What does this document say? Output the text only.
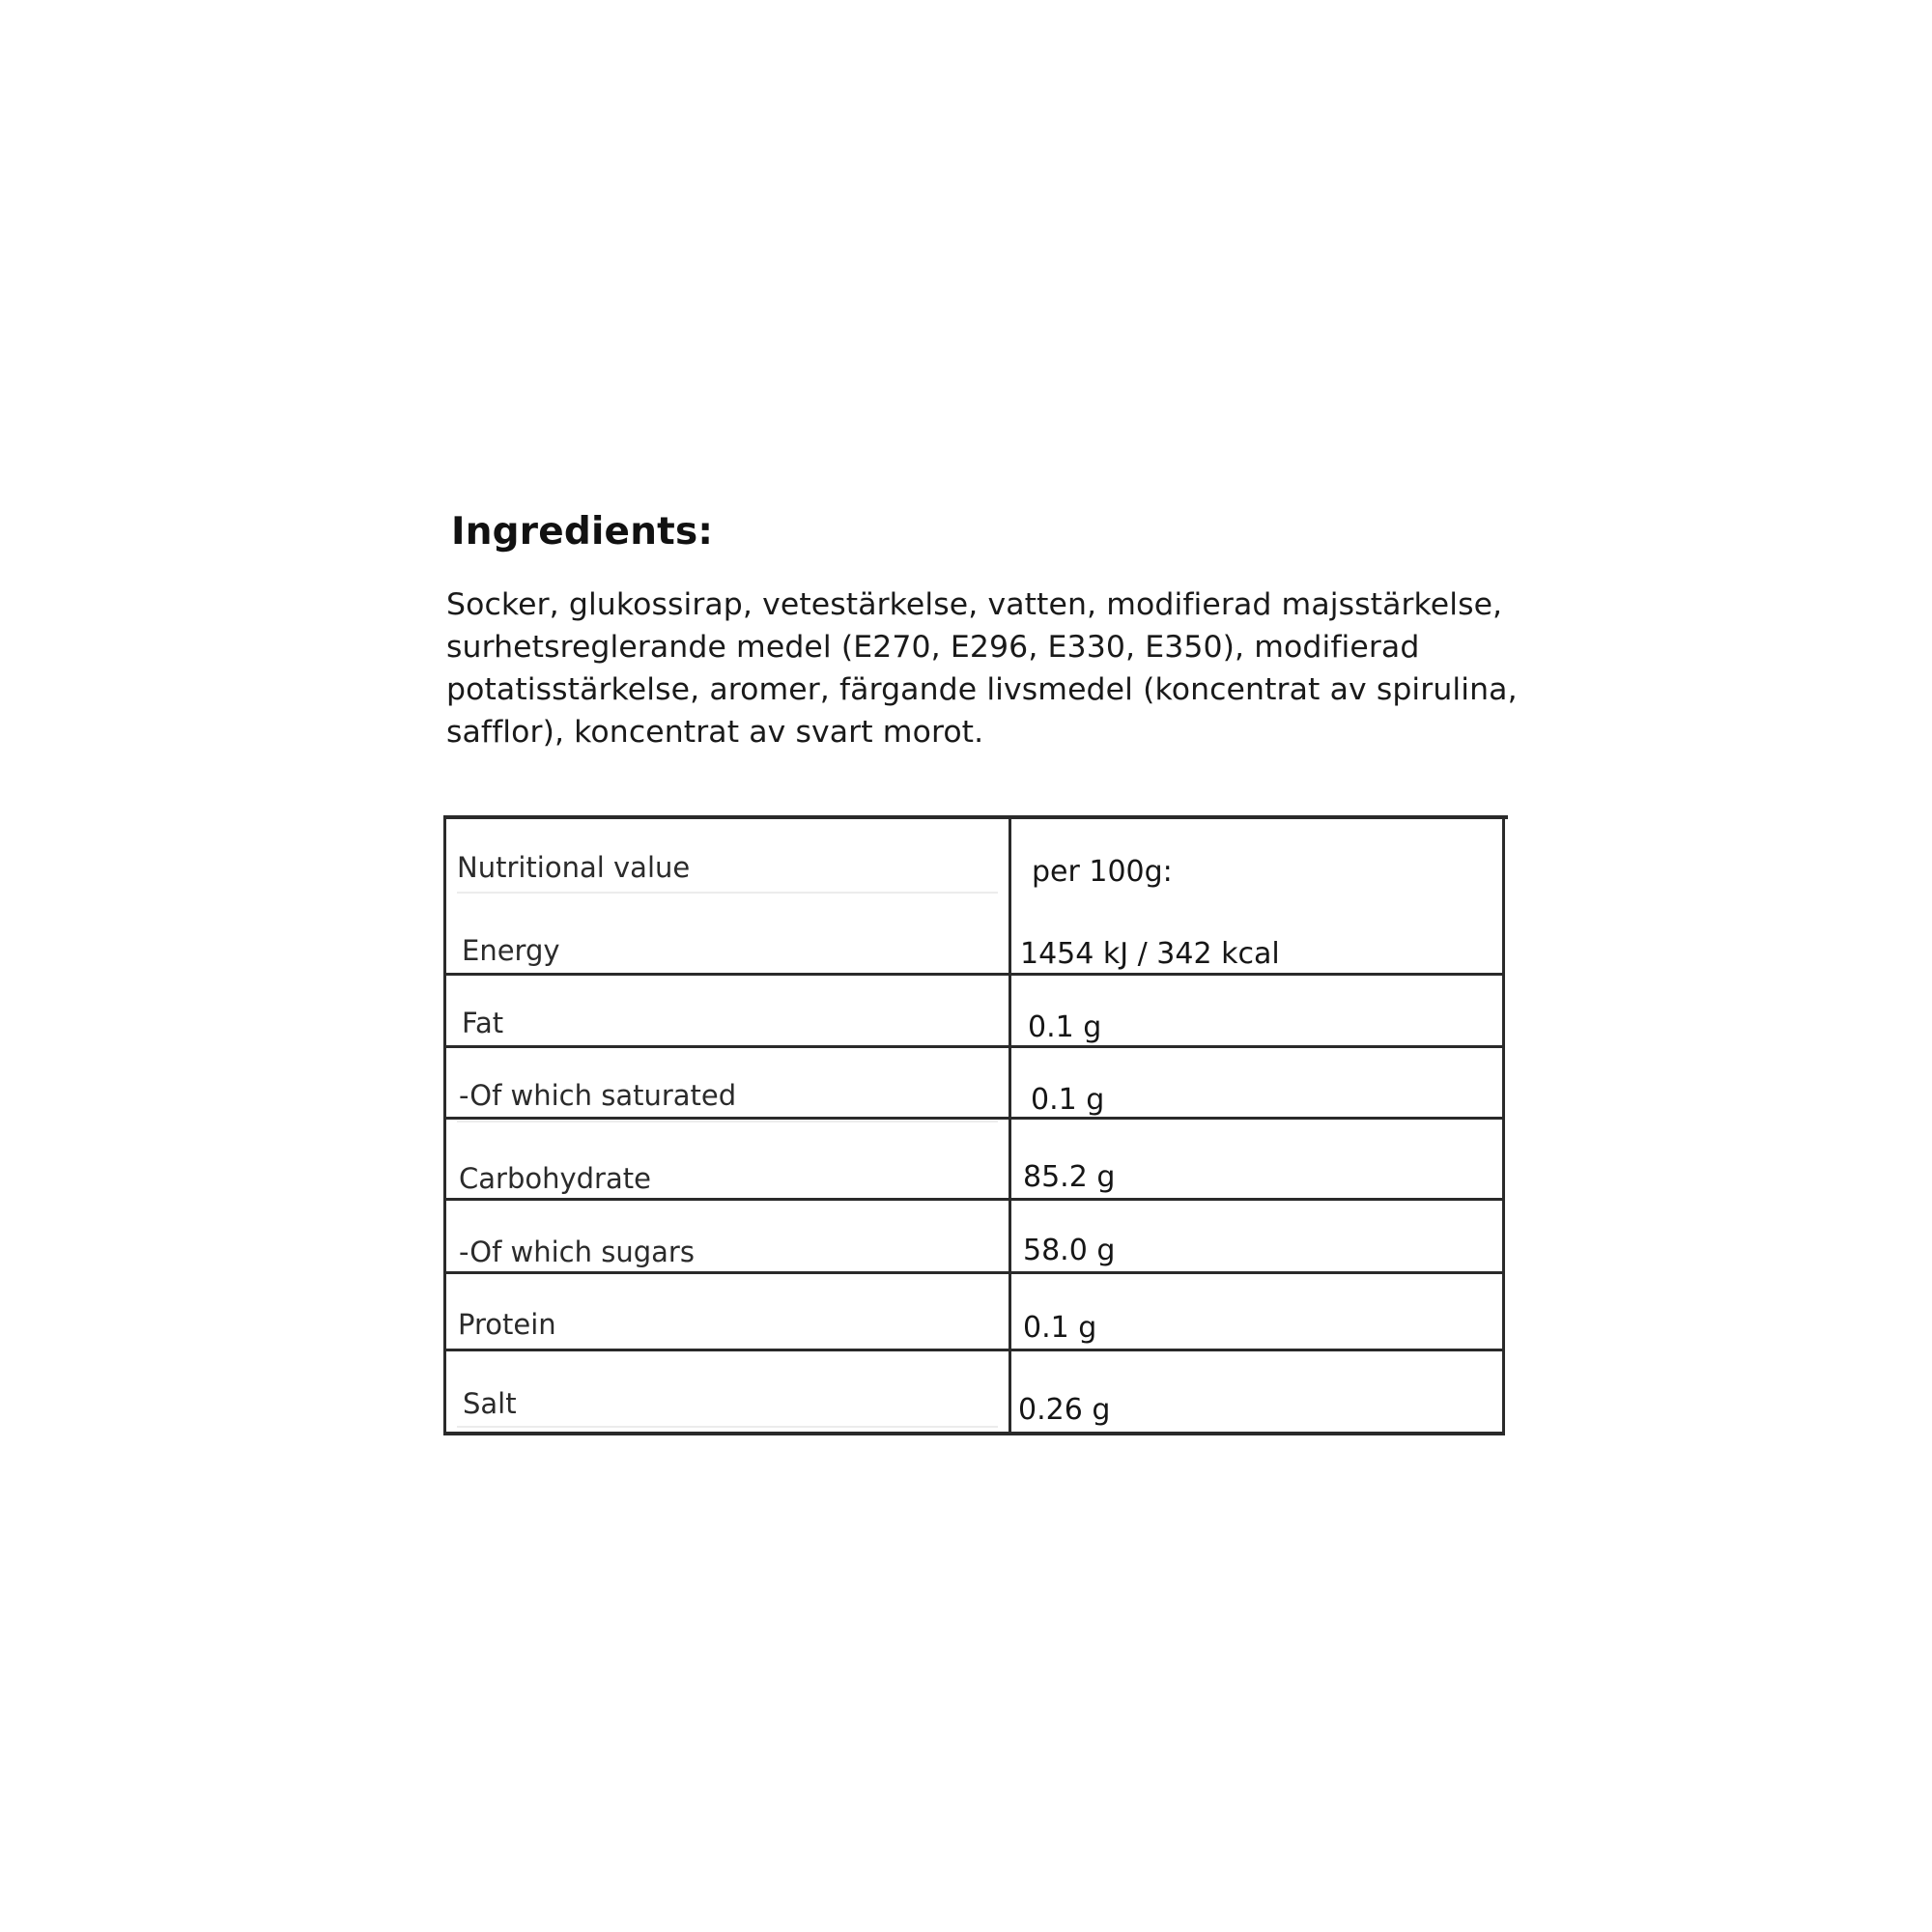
Ingredients:

Socker, glukossirap, vetestärkelse, vatten, modifierad majsstärkelse,
surhetsreglerande medel (E270, E296, E330, E350), modifierad
potatisstärkelse, aromer, färgande livsmedel (koncentrat av spirulina,
safflor), koncentrat av svart morot.

Nutritional value	per 100g:
Energy	1454 kJ / 342 kcal
Fat	0.1 g
-Of which saturated	0.1 g
Carbohydrate	85.2 g
-Of which sugars	58.0 g
Protein	0.1 g
Salt	0.26 g
